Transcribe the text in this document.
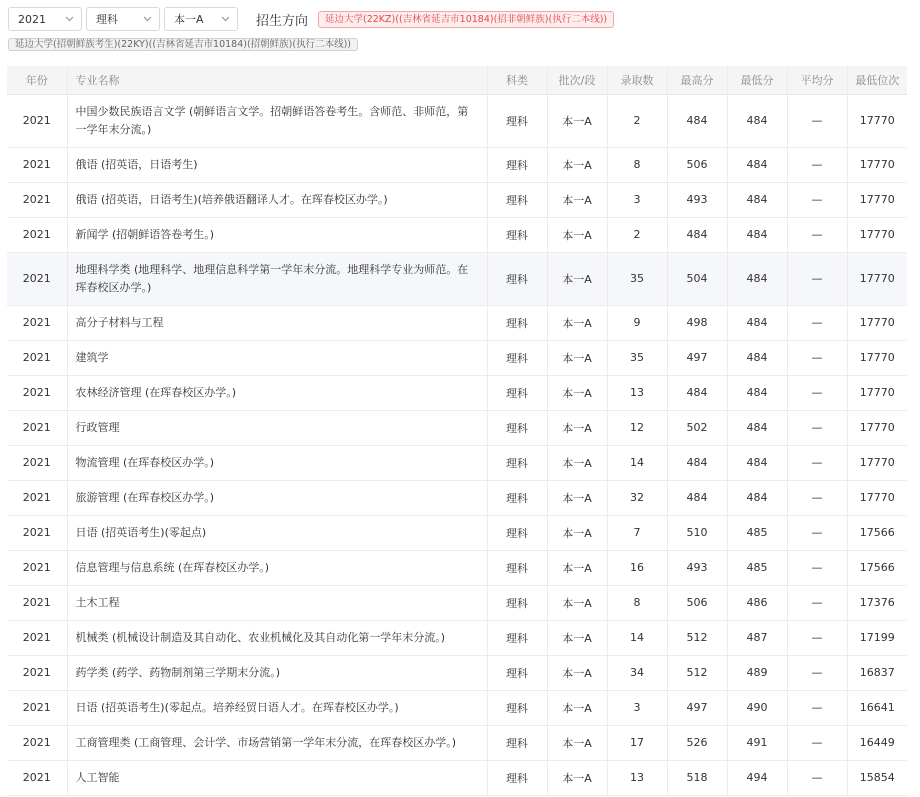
2021	理科	本一A	招生方向	延边大学(22KZ)((吉林省延吉市10184)(招非朝鲜族)(执行二本线))
延边大学(招朝鲜族考生)(22KY)((吉林省延吉市10184)(招朝鲜族)(执行二本线))
年份	专业名称	科类	批次/段	录取数	最高分	最低分	平均分	最低位次
2021	中国少数民族语言文学 (朝鲜语言文学。招朝鲜语答卷考生。含师范、非师范，第一学年末分流。)	理科	本一A	2	484	484	—	17770
2021	俄语 (招英语，日语考生)	理科	本一A	8	506	484	—	17770
2021	俄语 (招英语，日语考生)(培养俄语翻译人才。在珲春校区办学。)	理科	本一A	3	493	484	—	17770
2021	新闻学 (招朝鲜语答卷考生。)	理科	本一A	2	484	484	—	17770
2021	地理科学类 (地理科学、地理信息科学第一学年末分流。地理科学专业为师范。在珲春校区办学。)	理科	本一A	35	504	484	—	17770
2021	高分子材料与工程	理科	本一A	9	498	484	—	17770
2021	建筑学	理科	本一A	35	497	484	—	17770
2021	农林经济管理 (在珲春校区办学。)	理科	本一A	13	484	484	—	17770
2021	行政管理	理科	本一A	12	502	484	—	17770
2021	物流管理 (在珲春校区办学。)	理科	本一A	14	484	484	—	17770
2021	旅游管理 (在珲春校区办学。)	理科	本一A	32	484	484	—	17770
2021	日语 (招英语考生)(零起点)	理科	本一A	7	510	485	—	17566
2021	信息管理与信息系统 (在珲春校区办学。)	理科	本一A	16	493	485	—	17566
2021	土木工程	理科	本一A	8	506	486	—	17376
2021	机械类 (机械设计制造及其自动化、农业机械化及其自动化第一学年末分流。)	理科	本一A	14	512	487	—	17199
2021	药学类 (药学、药物制剂第三学期末分流。)	理科	本一A	34	512	489	—	16837
2021	日语 (招英语考生)(零起点。培养经贸日语人才。在珲春校区办学。)	理科	本一A	3	497	490	—	16641
2021	工商管理类 (工商管理、会计学、市场营销第一学年末分流，在珲春校区办学。)	理科	本一A	17	526	491	—	16449
2021	人工智能	理科	本一A	13	518	494	—	15854
